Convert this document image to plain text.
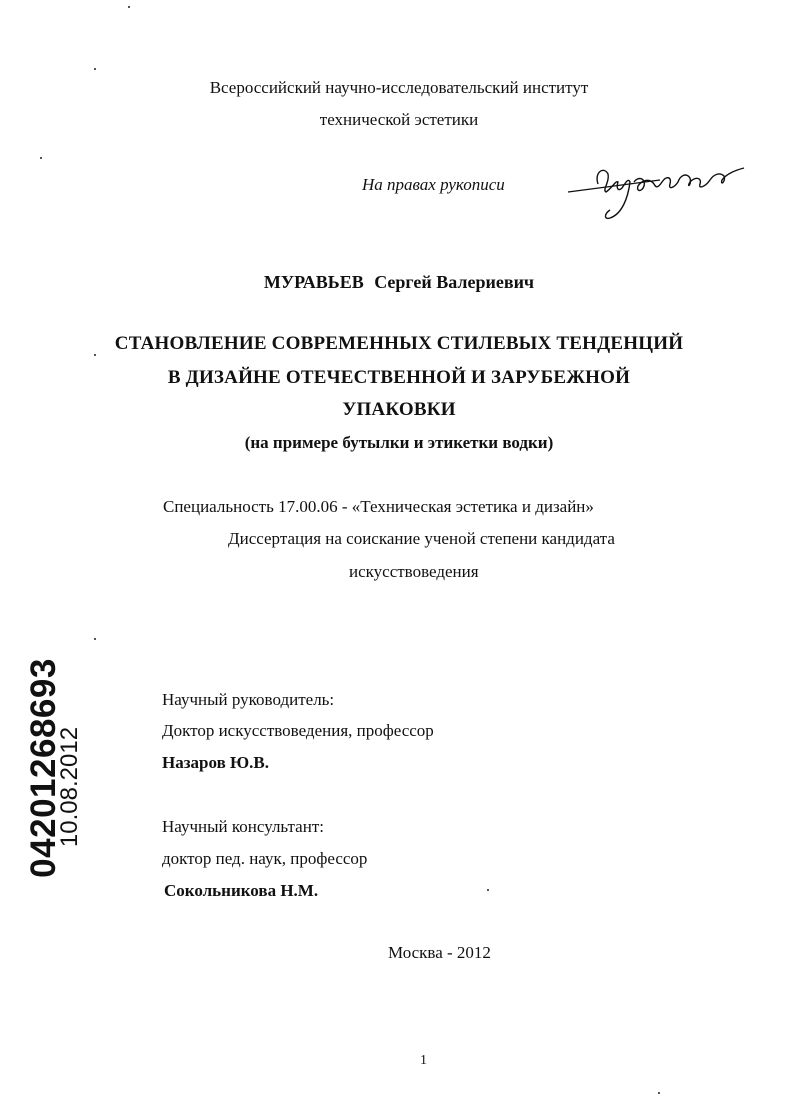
Всероссийский научно-исследовательский институт
технической эстетики
На правах рукописи
МУРАВЬЕВ Сергей Валериевич
СТАНОВЛЕНИЕ СОВРЕМЕННЫХ СТИЛЕВЫХ ТЕНДЕНЦИЙ
В ДИЗАЙНЕ ОТЕЧЕСТВЕННОЙ И ЗАРУБЕЖНОЙ
УПАКОВКИ
(на примере бутылки и этикетки водки)
Специальность 17.00.06 - «Техническая эстетика и дизайн»
Диссертация на соискание ученой степени кандидата
искусствоведения
Научный руководитель:
Доктор искусствоведения, профессор
Назаров Ю.В.
Научный консультант:
доктор пед. наук, профессор
Сокольникова Н.М.
Москва - 2012
1
04201268693
10.08.2012
